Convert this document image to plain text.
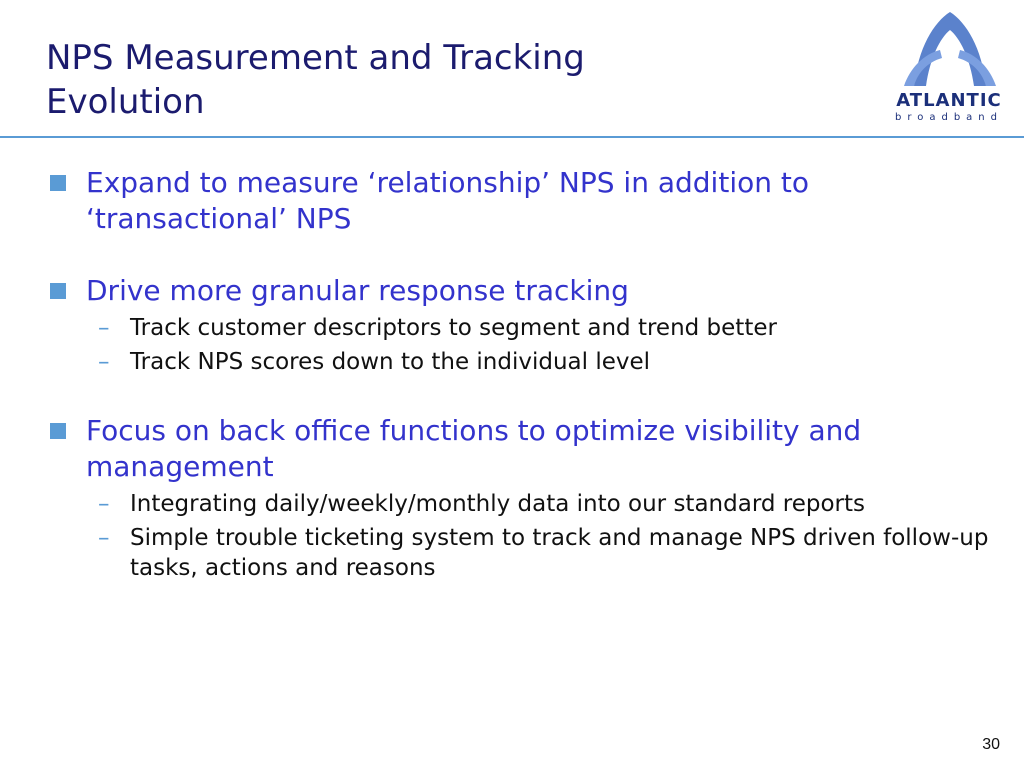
NPS Measurement and Tracking
Evolution	ATLANTIC
broadband
Expand to measure ‘relationship’ NPS in addition to ‘transactional’ NPS
Drive more granular response tracking
– Track customer descriptors to segment and trend better
– Track NPS scores down to the individual level
Focus on back office functions to optimize visibility and management
– Integrating daily/weekly/monthly data into our standard reports
– Simple trouble ticketing system to track and manage NPS driven follow-up tasks, actions and reasons
30
